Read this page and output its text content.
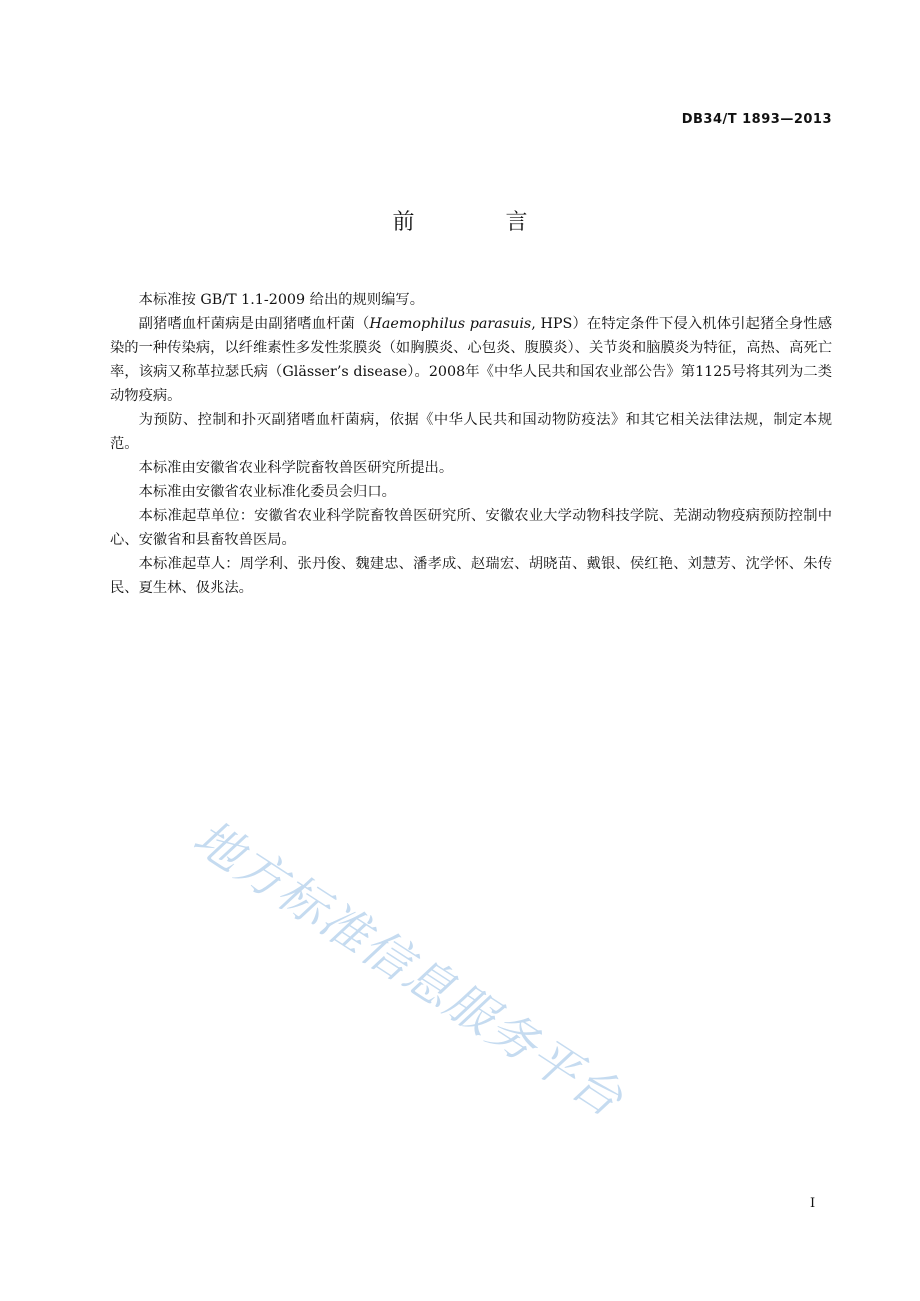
DB34/T 1893—2013
前 言

本标准按 GB/T 1.1-2009 给出的规则编写。

副猪嗜血杆菌病是由副猪嗜血杆菌（Haemophilus parasuis, HPS）在特定条件下侵入机体引起猪全身性感染的一种传染病，以纤维素性多发性浆膜炎（如胸膜炎、心包炎、腹膜炎）、关节炎和脑膜炎为特征，高热、高死亡率，该病又称革拉瑟氏病（Glässer’s disease）。2008年《中华人民共和国农业部公告》第1125号将其列为二类动物疫病。

为预防、控制和扑灭副猪嗜血杆菌病，依据《中华人民共和国动物防疫法》和其它相关法律法规，制定本规范。

本标准由安徽省农业科学院畜牧兽医研究所提出。

本标准由安徽省农业标准化委员会归口。

本标准起草单位：安徽省农业科学院畜牧兽医研究所、安徽农业大学动物科技学院、芜湖动物疫病预防控制中心、安徽省和县畜牧兽医局。

本标准起草人：周学利、张丹俊、魏建忠、潘孝成、赵瑞宏、胡晓苗、戴银、侯红艳、刘慧芳、沈学怀、朱传民、夏生林、伋兆法。

地方标准信息服务平台
I
